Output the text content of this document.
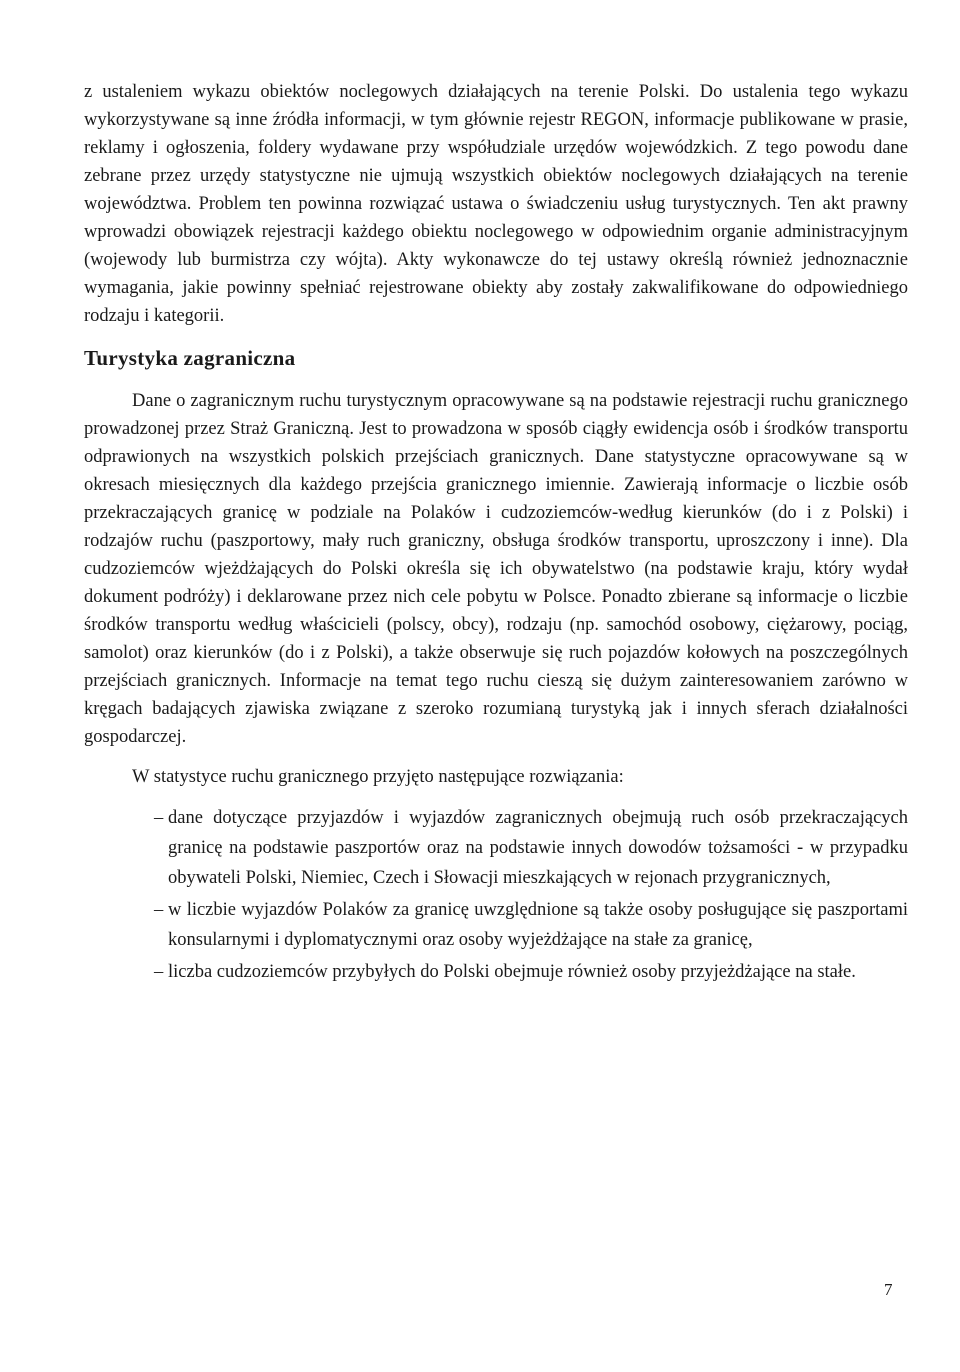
z ustaleniem wykazu obiektów noclegowych działających na terenie Polski. Do ustalenia tego wykazu wykorzystywane są inne źródła informacji, w tym głównie rejestr REGON, informacje publikowane w prasie, reklamy i ogłoszenia, foldery wydawane przy współudziale urzędów wojewódzkich. Z tego powodu dane zebrane przez urzędy statystyczne nie ujmują wszystkich obiektów noclegowych działających na terenie województwa. Problem ten powinna rozwiązać ustawa o świadczeniu usług turystycznych. Ten akt prawny wprowadzi obowiązek rejestracji każdego obiektu noclegowego w odpowiednim organie administracyjnym (wojewody lub burmistrza czy wójta). Akty wykonawcze do tej ustawy określą również jednoznacznie wymagania, jakie powinny spełniać rejestrowane obiekty aby zostały zakwalifikowane do odpowiedniego rodzaju i kategorii.

Turystyka zagraniczna

Dane o zagranicznym ruchu turystycznym opracowywane są na podstawie rejestracji ruchu granicznego prowadzonej przez Straż Graniczną. Jest to prowadzona w sposób ciągły ewidencja osób i środków transportu odprawionych na wszystkich polskich przejściach granicznych. Dane statystyczne opracowywane są w okresach miesięcznych dla każdego przejścia granicznego imiennie. Zawierają informacje o liczbie osób przekraczających granicę w podziale na Polaków i cudzoziemców-według kierunków (do i z Polski) i rodzajów ruchu (paszportowy, mały ruch graniczny, obsługa środków transportu, uproszczony i inne). Dla cudzoziemców wjeżdżających do Polski określa się ich obywatelstwo (na podstawie kraju, który wydał dokument podróży) i deklarowane przez nich cele pobytu w Polsce. Ponadto zbierane są informacje o liczbie środków transportu według właścicieli (polscy, obcy), rodzaju (np. samochód osobowy, ciężarowy, pociąg, samolot) oraz kierunków (do i z Polski), a także obserwuje się ruch pojazdów kołowych na poszczególnych przejściach granicznych. Informacje na temat tego ruchu cieszą się dużym zainteresowaniem zarówno w kręgach badających zjawiska związane z szeroko rozumianą turystyką jak i innych sferach działalności gospodarczej.

W statystyce ruchu granicznego przyjęto następujące rozwiązania:

– dane dotyczące przyjazdów i wyjazdów zagranicznych obejmują ruch osób przekraczających granicę na podstawie paszportów oraz na podstawie innych dowodów tożsamości - w przypadku obywateli Polski, Niemiec, Czech i Słowacji mieszkających w rejonach przygranicznych,
– w liczbie wyjazdów Polaków za granicę uwzględnione są także osoby posługujące się paszportami konsularnymi i dyplomatycznymi oraz osoby wyjeżdżające na stałe za granicę,
– liczba cudzoziemców przybyłych do Polski obejmuje również osoby przyjeżdżające na stałe.
7
